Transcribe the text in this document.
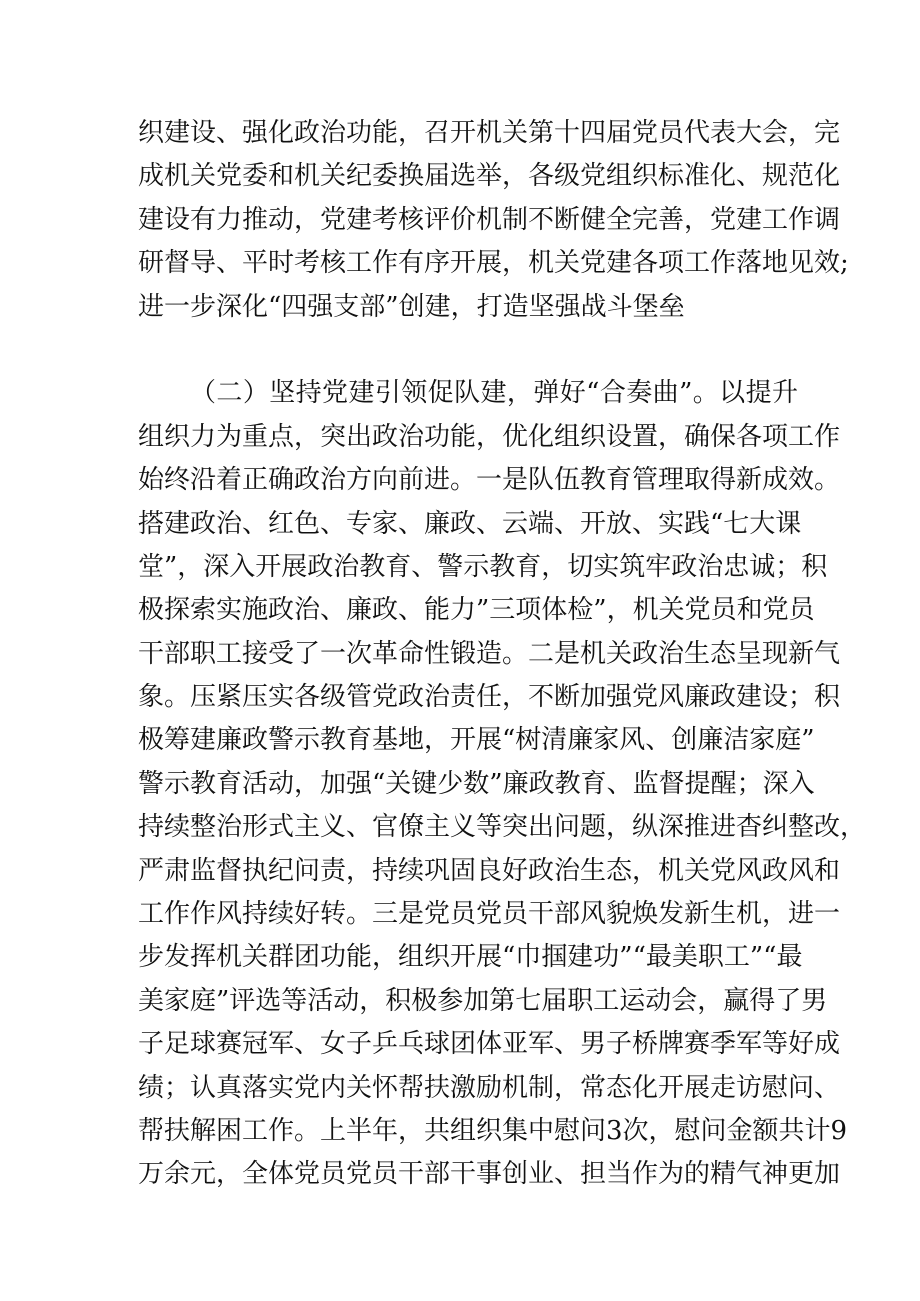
织建设、强化政治功能，召开机关第十四届党员代表大会，完
成机关党委和机关纪委换届选举，各级党组织标准化、规范化
建设有力推动，党建考核评价机制不断健全完善，党建工作调
研督导、平时考核工作有序开展，机关党建各项工作落地见效;
进一步深化“四强支部”创建，打造坚强战斗堡垒
（二）坚持党建引领促队建，弹好“合奏曲”。以提升
组织力为重点，突出政治功能，优化组织设置，确保各项工作
始终沿着正确政治方向前进。一是队伍教育管理取得新成效。
搭建政治、红色、专家、廉政、云端、开放、实践“七大课
堂”，深入开展政治教育、警示教育，切实筑牢政治忠诚；积
极探索实施政治、廉政、能力”三项体检”，机关党员和党员
干部职工接受了一次革命性锻造。二是机关政治生态呈现新气
象。压紧压实各级管党政治责任，不断加强党风廉政建设；积
极筹建廉政警示教育基地，开展“树清廉家风、创廉洁家庭”
警示教育活动，加强“关键少数”廉政教育、监督提醒；深入
持续整治形式主义、官僚主义等突出问题，纵深推进杳纠整改，
严肃监督执纪问责，持续巩固良好政治生态，机关党风政风和
工作作风持续好转。三是党员党员干部风貌焕发新生机，进一
步发挥机关群团功能，组织开展“巾掴建功”“最美职工”“最
美家庭”评选等活动，积极参加第七届职工运动会，赢得了男
子足球赛冠军、女子乒乓球团体亚军、男子桥牌赛季军等好成
绩；认真落实党内关怀帮扶激励机制，常态化开展走访慰问、
帮扶解困工作。上半年，共组织集中慰问3次，慰问金额共计9
万余元，全体党员党员干部干事创业、担当作为的精气神更加
